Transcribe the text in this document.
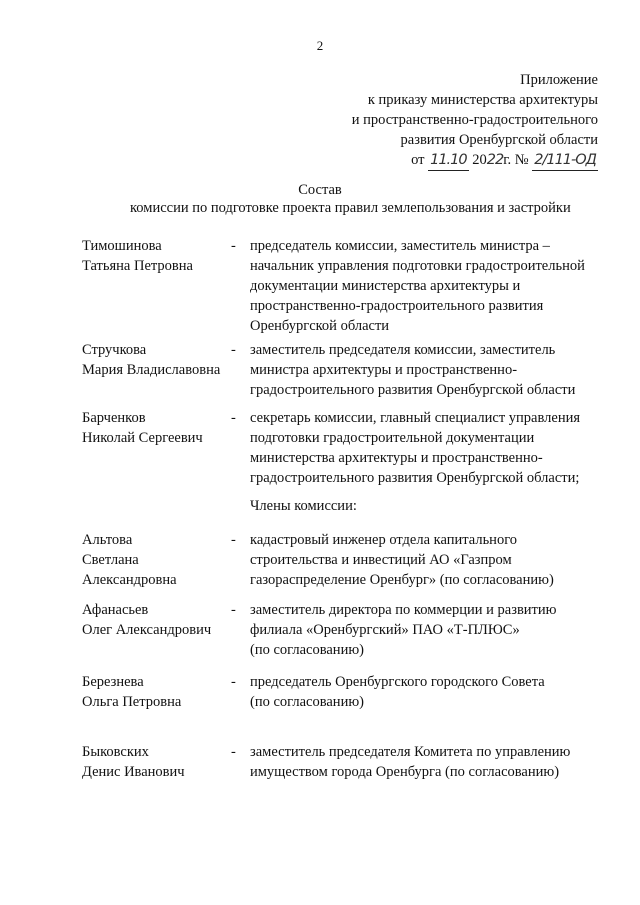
2
Приложение
к приказу министерства архитектуры
и пространственно-градостроительного
развития Оренбургской области
от 11.10 2022г. № 2/111-ОД
Состав
комиссии по подготовке проекта правил землепользования и застройки
Тимошинова
Татьяна Петровна
- председатель комиссии, заместитель министра –
начальник управления подготовки градостроительной
документации министерства архитектуры и
пространственно-градостроительного развития
Оренбургской области
Стручкова
Мария Владиславовна
- заместитель председателя комиссии, заместитель
министра архитектуры и пространственно-
градостроительного развития Оренбургской области
Барченков
Николай Сергеевич
- секретарь комиссии, главный специалист управления
подготовки градостроительной документации
министерства архитектуры и пространственно-
градостроительного развития Оренбургской области;
Члены комиссии:
Альтова
Светлана
Александровна
- кадастровый инженер отдела капитального
строительства и инвестиций АО «Газпром
газораспределение Оренбург» (по согласованию)
Афанасьев
Олег Александрович
- заместитель директора по коммерции и развитию
филиала «Оренбургский» ПАО «Т-ПЛЮС»
(по согласованию)
Березнева
Ольга Петровна
- председатель Оренбургского городского Совета
(по согласованию)
Быковских
Денис Иванович
- заместитель председателя Комитета по управлению
имуществом города Оренбурга (по согласованию)
